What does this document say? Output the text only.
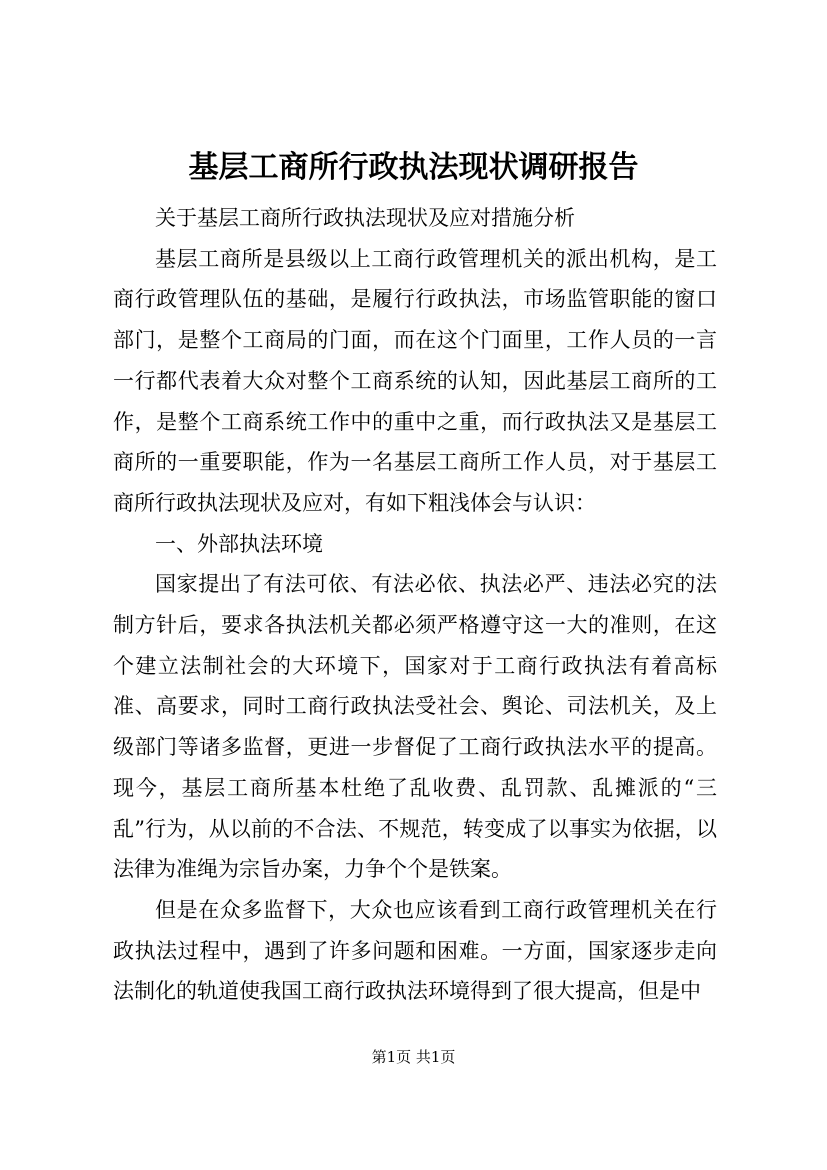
基层工商所行政执法现状调研报告

关于基层工商所行政执法现状及应对措施分析

基层工商所是县级以上工商行政管理机关的派出机构，是工商行政管理队伍的基础，是履行行政执法，市场监管职能的窗口部门，是整个工商局的门面，而在这个门面里，工作人员的一言一行都代表着大众对整个工商系统的认知，因此基层工商所的工作，是整个工商系统工作中的重中之重，而行政执法又是基层工商所的一重要职能，作为一名基层工商所工作人员，对于基层工商所行政执法现状及应对，有如下粗浅体会与认识：

一、外部执法环境

国家提出了有法可依、有法必依、执法必严、违法必究的法制方针后，要求各执法机关都必须严格遵守这一大的准则，在这个建立法制社会的大环境下，国家对于工商行政执法有着高标准、高要求，同时工商行政执法受社会、舆论、司法机关，及上级部门等诸多监督，更进一步督促了工商行政执法水平的提高。现今，基层工商所基本杜绝了乱收费、乱罚款、乱摊派的“三乱”行为，从以前的不合法、不规范，转变成了以事实为依据，以法律为准绳为宗旨办案，力争个个是铁案。

但是在众多监督下，大众也应该看到工商行政管理机关在行政执法过程中，遇到了许多问题和困难。一方面，国家逐步走向法制化的轨道使我国工商行政执法环境得到了很大提高，但是中

第1页 共1页
